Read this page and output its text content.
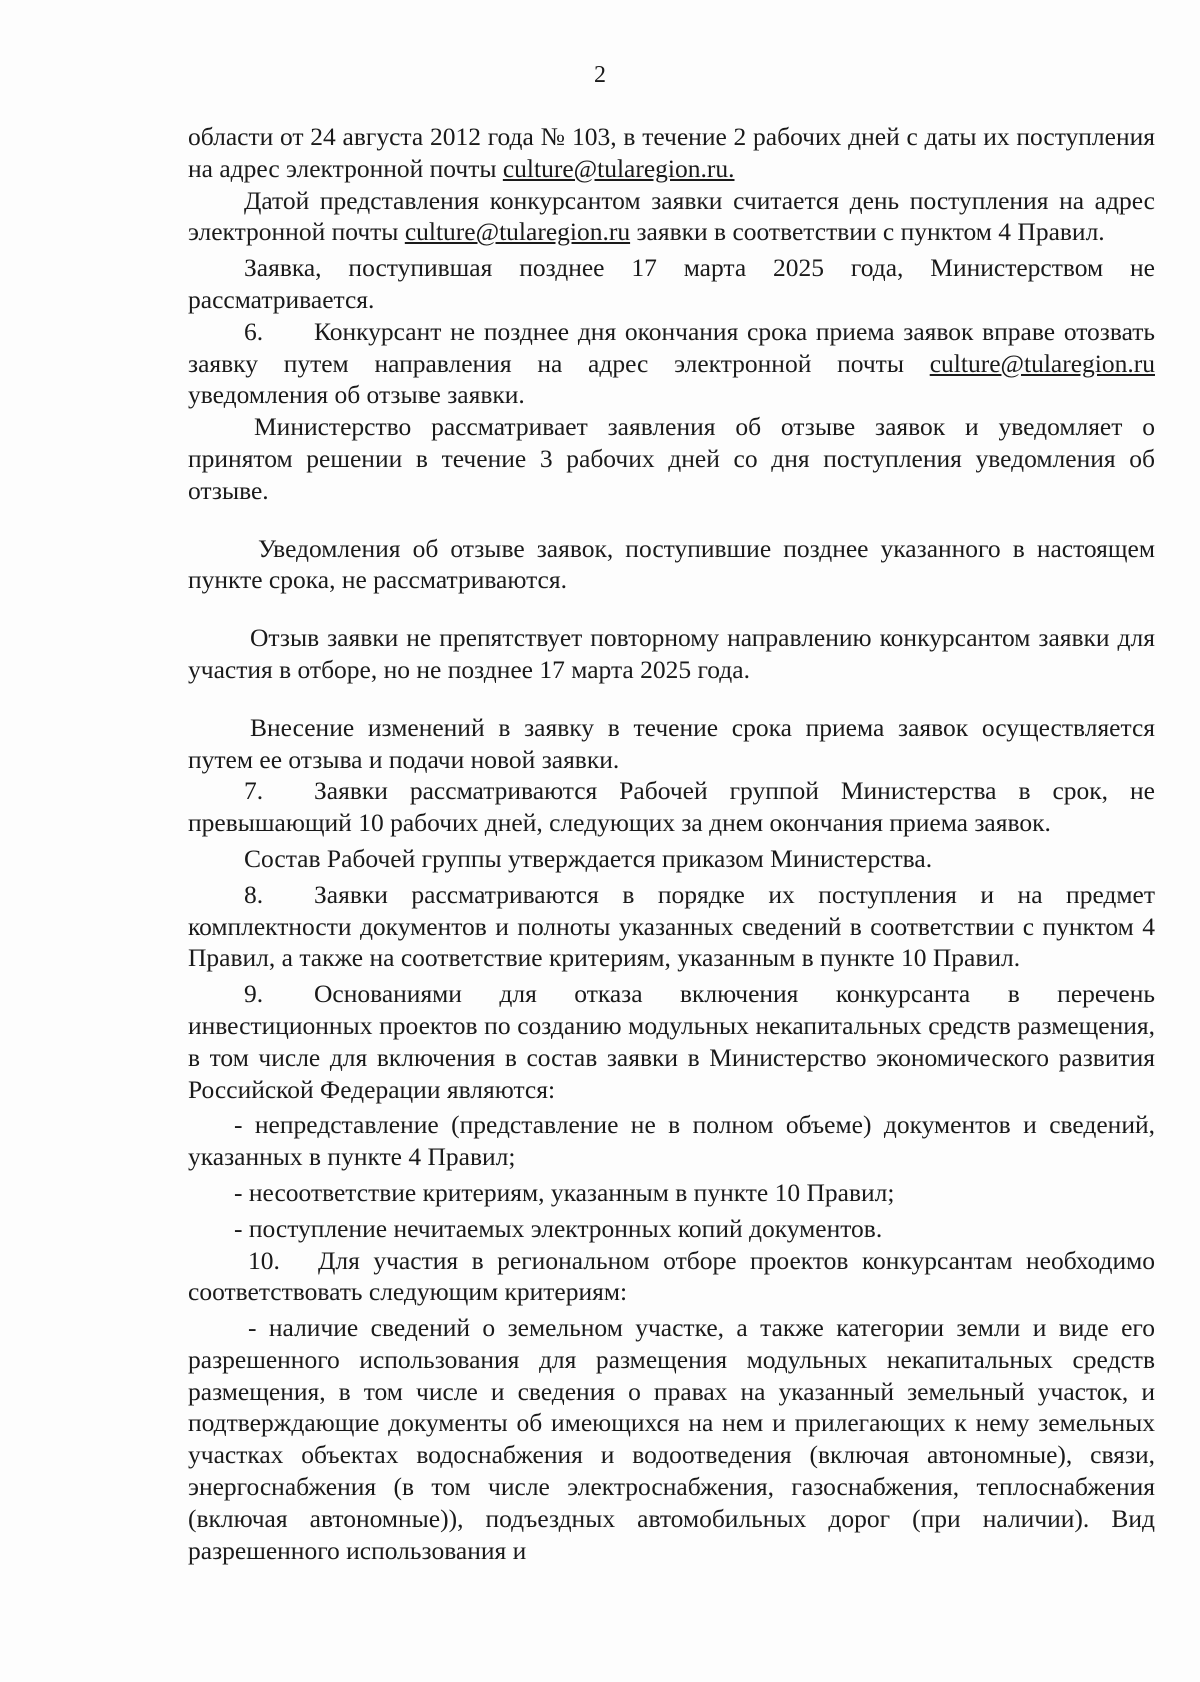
2

области от 24 августа 2012 года № 103, в течение 2 рабочих дней с даты их поступления на адрес электронной почты culture@tularegion.ru.

Датой представления конкурсантом заявки считается день поступления на адрес электронной почты culture@tularegion.ru заявки в соответствии с пунктом 4 Правил.

Заявка, поступившая позднее 17 марта 2025 года, Министерством не рассматривается.

6. Конкурсант не позднее дня окончания срока приема заявок вправе отозвать заявку путем направления на адрес электронной почты culture@tularegion.ru уведомления об отзыве заявки.

Министерство рассматривает заявления об отзыве заявок и уведомляет о принятом решении в течение 3 рабочих дней со дня поступления уведомления об отзыве.

Уведомления об отзыве заявок, поступившие позднее указанного в настоящем пункте срока, не рассматриваются.

Отзыв заявки не препятствует повторному направлению конкурсантом заявки для участия в отборе, но не позднее 17 марта 2025 года.

Внесение изменений в заявку в течение срока приема заявок осуществляется путем ее отзыва и подачи новой заявки.

7. Заявки рассматриваются Рабочей группой Министерства в срок, не превышающий 10 рабочих дней, следующих за днем окончания приема заявок.

Состав Рабочей группы утверждается приказом Министерства.

8. Заявки рассматриваются в порядке их поступления и на предмет комплектности документов и полноты указанных сведений в соответствии с пунктом 4 Правил, а также на соответствие критериям, указанным в пункте 10 Правил.

9. Основаниями для отказа включения конкурсанта в перечень инвестиционных проектов по созданию модульных некапитальных средств размещения, в том числе для включения в состав заявки в Министерство экономического развития Российской Федерации являются:

- непредставление (представление не в полном объеме) документов и сведений, указанных в пункте 4 Правил;

- несоответствие критериям, указанным в пункте 10 Правил;

- поступление нечитаемых электронных копий документов.

10. Для участия в региональном отборе проектов конкурсантам необходимо соответствовать следующим критериям:

- наличие сведений о земельном участке, а также категории земли и виде его разрешенного использования для размещения модульных некапитальных средств размещения, в том числе и сведения о правах на указанный земельный участок, и подтверждающие документы об имеющихся на нем и прилегающих к нему земельных участках объектах водоснабжения и водоотведения (включая автономные), связи, энергоснабжения (в том числе электроснабжения, газоснабжения, теплоснабжения (включая автономные)), подъездных автомобильных дорог (при наличии). Вид разрешенного использования и
